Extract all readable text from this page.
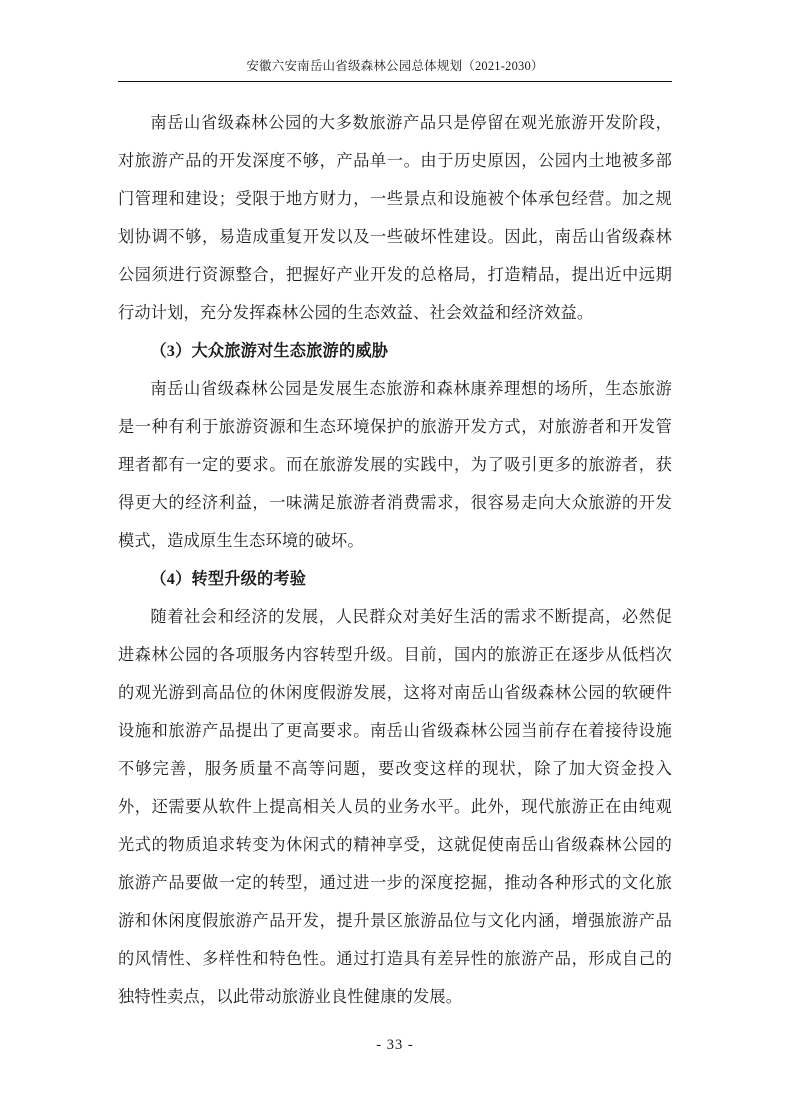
安徽六安南岳山省级森林公园总体规划（2021-2030）

南岳山省级森林公园的大多数旅游产品只是停留在观光旅游开发阶段，对旅游产品的开发深度不够，产品单一。由于历史原因，公园内土地被多部门管理和建设；受限于地方财力，一些景点和设施被个体承包经营。加之规划协调不够，易造成重复开发以及一些破坏性建设。因此，南岳山省级森林公园须进行资源整合，把握好产业开发的总格局，打造精品，提出近中远期行动计划，充分发挥森林公园的生态效益、社会效益和经济效益。

（3）大众旅游对生态旅游的威胁

南岳山省级森林公园是发展生态旅游和森林康养理想的场所，生态旅游是一种有利于旅游资源和生态环境保护的旅游开发方式，对旅游者和开发管理者都有一定的要求。而在旅游发展的实践中，为了吸引更多的旅游者，获得更大的经济利益，一味满足旅游者消费需求，很容易走向大众旅游的开发模式，造成原生生态环境的破坏。

（4）转型升级的考验

随着社会和经济的发展，人民群众对美好生活的需求不断提高，必然促进森林公园的各项服务内容转型升级。目前，国内的旅游正在逐步从低档次的观光游到高品位的休闲度假游发展，这将对南岳山省级森林公园的软硬件设施和旅游产品提出了更高要求。南岳山省级森林公园当前存在着接待设施不够完善，服务质量不高等问题，要改变这样的现状，除了加大资金投入外，还需要从软件上提高相关人员的业务水平。此外，现代旅游正在由纯观光式的物质追求转变为休闲式的精神享受，这就促使南岳山省级森林公园的旅游产品要做一定的转型，通过进一步的深度挖掘，推动各种形式的文化旅游和休闲度假旅游产品开发，提升景区旅游品位与文化内涵，增强旅游产品的风情性、多样性和特色性。通过打造具有差异性的旅游产品，形成自己的独特性卖点，以此带动旅游业良性健康的发展。

- 33 -
